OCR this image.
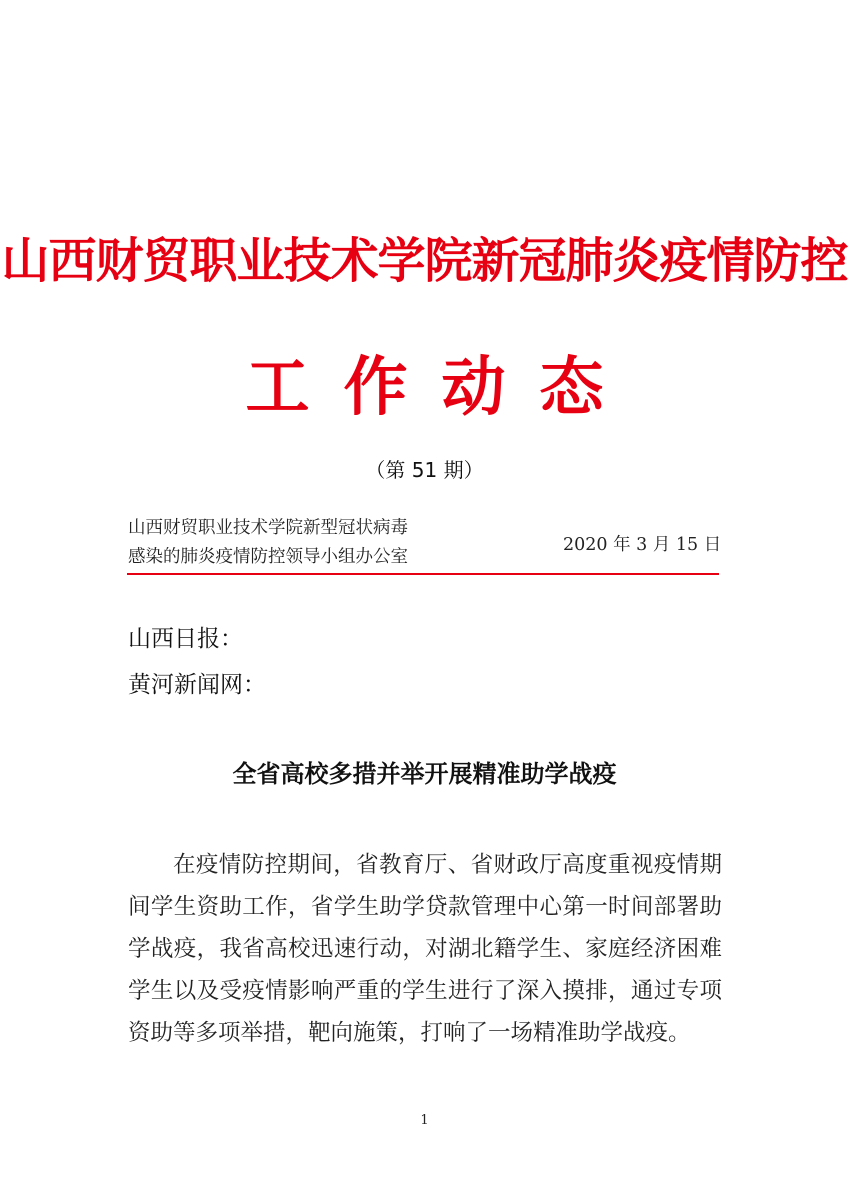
山西财贸职业技术学院新冠肺炎疫情防控
工作动态
（第 51 期）
山西财贸职业技术学院新型冠状病毒
感染的肺炎疫情防控领导小组办公室
2020 年 3 月 15 日
山西日报：
黄河新闻网：
全省高校多措并举开展精准助学战疫

在疫情防控期间，省教育厅、省财政厅高度重视疫情期间学生资助工作，省学生助学贷款管理中心第一时间部署助学战疫，我省高校迅速行动，对湖北籍学生、家庭经济困难学生以及受疫情影响严重的学生进行了深入摸排，通过专项资助等多项举措，靶向施策，打响了一场精准助学战疫。

1
